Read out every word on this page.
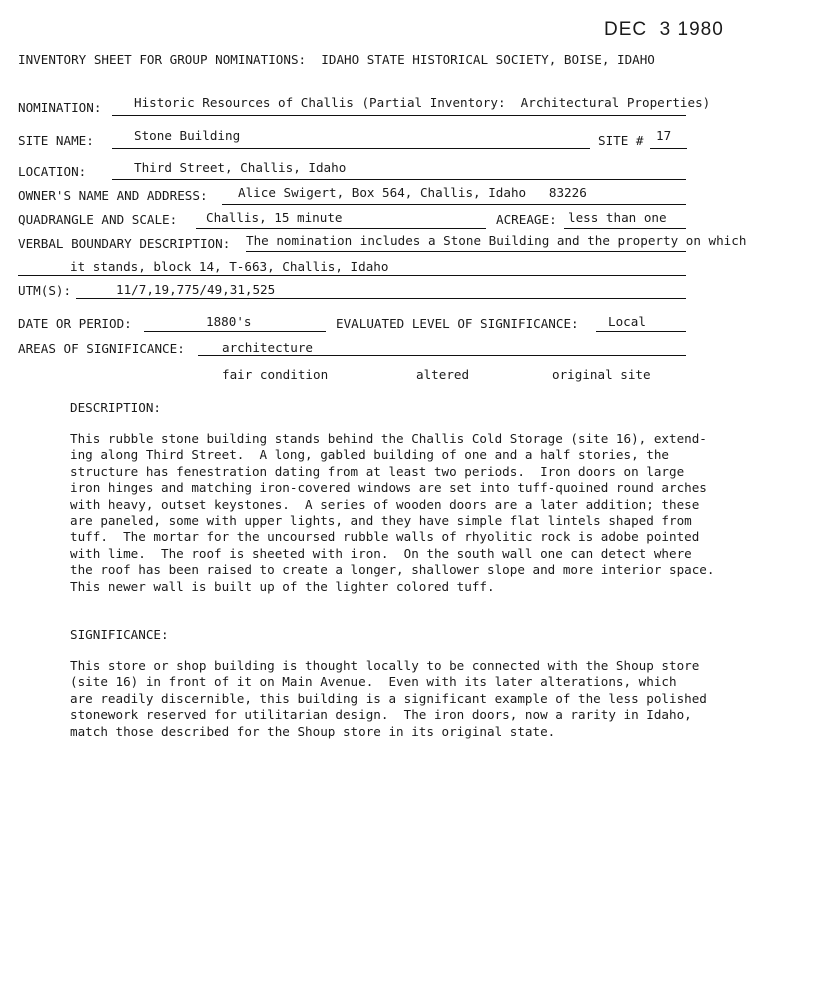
DEC  3 1980
INVENTORY SHEET FOR GROUP NOMINATIONS:  IDAHO STATE HISTORICAL SOCIETY, BOISE, IDAHO
NOMINATION:	Historic Resources of Challis (Partial Inventory:  Architectural Properties)
SITE NAME:	Stone Building	SITE # 17
LOCATION:	Third Street, Challis, Idaho
OWNER'S NAME AND ADDRESS: Alice Swigert, Box 564, Challis, Idaho   83226
QUADRANGLE AND SCALE: Challis, 15 minute	ACREAGE: less than one
VERBAL BOUNDARY DESCRIPTION: The nomination includes a Stone Building and the property on which
it stands, block 14, T-663, Challis, Idaho
UTM(S):	11/7,19,775/49,31,525
DATE OR PERIOD:	1880's	EVALUATED LEVEL OF SIGNIFICANCE: Local
AREAS OF SIGNIFICANCE:	architecture
fair condition	altered	original site
DESCRIPTION:
This rubble stone building stands behind the Challis Cold Storage (site 16), extend-
ing along Third Street.  A long, gabled building of one and a half stories, the
structure has fenestration dating from at least two periods.  Iron doors on large
iron hinges and matching iron-covered windows are set into tuff-quoined round arches
with heavy, outset keystones.  A series of wooden doors are a later addition; these
are paneled, some with upper lights, and they have simple flat lintels shaped from
tuff.  The mortar for the uncoursed rubble walls of rhyolitic rock is adobe pointed
with lime.  The roof is sheeted with iron.  On the south wall one can detect where
the roof has been raised to create a longer, shallower slope and more interior space.
This newer wall is built up of the lighter colored tuff.
SIGNIFICANCE:
This store or shop building is thought locally to be connected with the Shoup store
(site 16) in front of it on Main Avenue.  Even with its later alterations, which
are readily discernible, this building is a significant example of the less polished
stonework reserved for utilitarian design.  The iron doors, now a rarity in Idaho,
match those described for the Shoup store in its original state.
